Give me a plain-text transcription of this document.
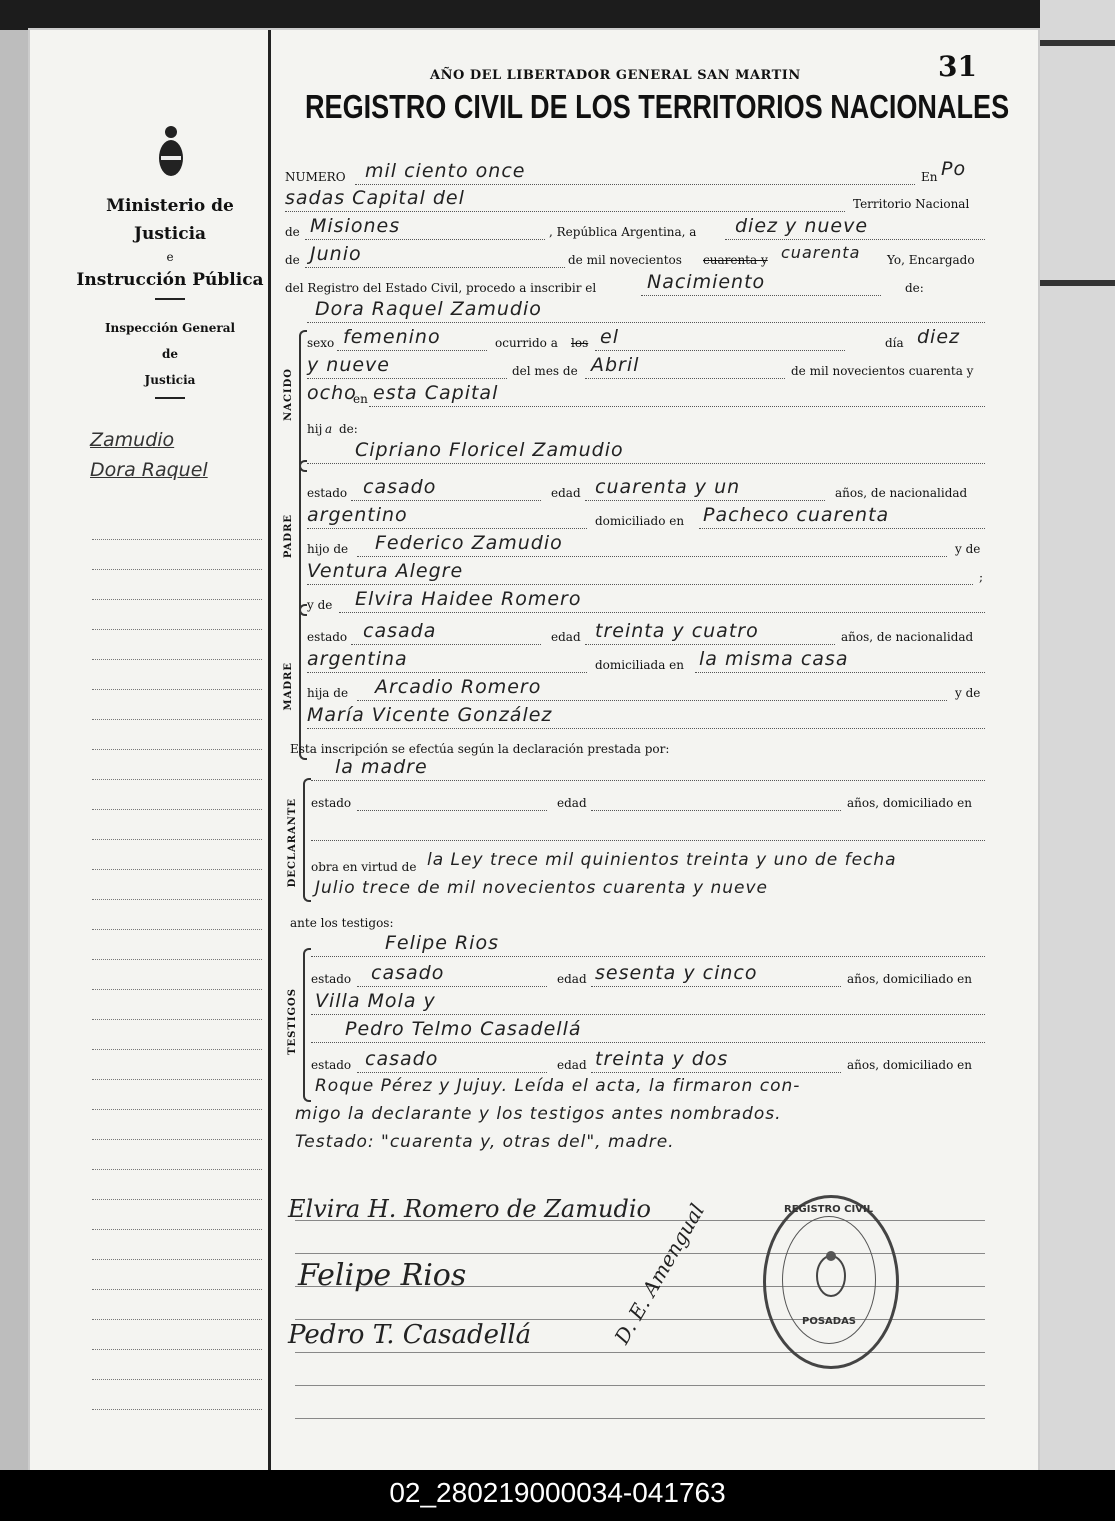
Ministerio de Justicia
e
Instrucción Pública
Inspección General
de
Justicia
Zamudio
Dora Raquel
AÑO DEL LIBERTADOR GENERAL SAN MARTIN	31
REGISTRO CIVIL DE LOS TERRITORIOS NACIONALES
NUMERO mil ciento once	En Po
sadas Capital del	Territorio Nacional
de Misiones	, República Argentina, a diez y nueve
de Junio	de mil novecientos cuarenta y cuarenta Yo, Encargado
del Registro del Estado Civil, procedo a inscribir el	Nacimiento	de:
NACIDO
Dora Raquel Zamudio
sexo femenino	ocurrido a los el	día diez
y nueve	del mes de Abril	de mil novecientos cuarenta y
ocho
en esta Capital
hij a de:
PADRE
Cipriano Floricel Zamudio
estado casado	edad cuarenta y un	años, de nacionalidad
argentino	domiciliado en Pacheco cuarenta
hijo de Federico Zamudio	y de
Ventura Alegre	;
MADRE
y de Elvira Haidee Romero
estado casada	edad treinta y cuatro	años, de nacionalidad
argentina	domiciliada en la misma casa
hija de Arcadio Romero	y de
María Vicente González
Esta inscripción se efectúa según la declaración prestada por:
DECLARANTE
la madre
estado	edad	años, domiciliado en
obra en virtud de la Ley trece mil quinientos treinta y uno de fecha
Julio trece de mil novecientos cuarenta y nueve
ante los testigos:
TESTIGOS
Felipe Rios
estado casado	edad sesenta y cinco	años, domiciliado en
Villa Mola y
Pedro Telmo Casadellá
estado casado	edad treinta y dos	años, domiciliado en
Roque Pérez y Jujuy. Leída el acta, la firmaron con-
migo la declarante y los testigos antes nombrados.
Testado: "cuarenta y, otras del", madre.
Elvira H. Romero de Zamudio
Felipe Rios
Pedro T. Casadellá	D. E. Amengual	REGISTRO CIVIL
POSADAS
02_280219000034-041763
